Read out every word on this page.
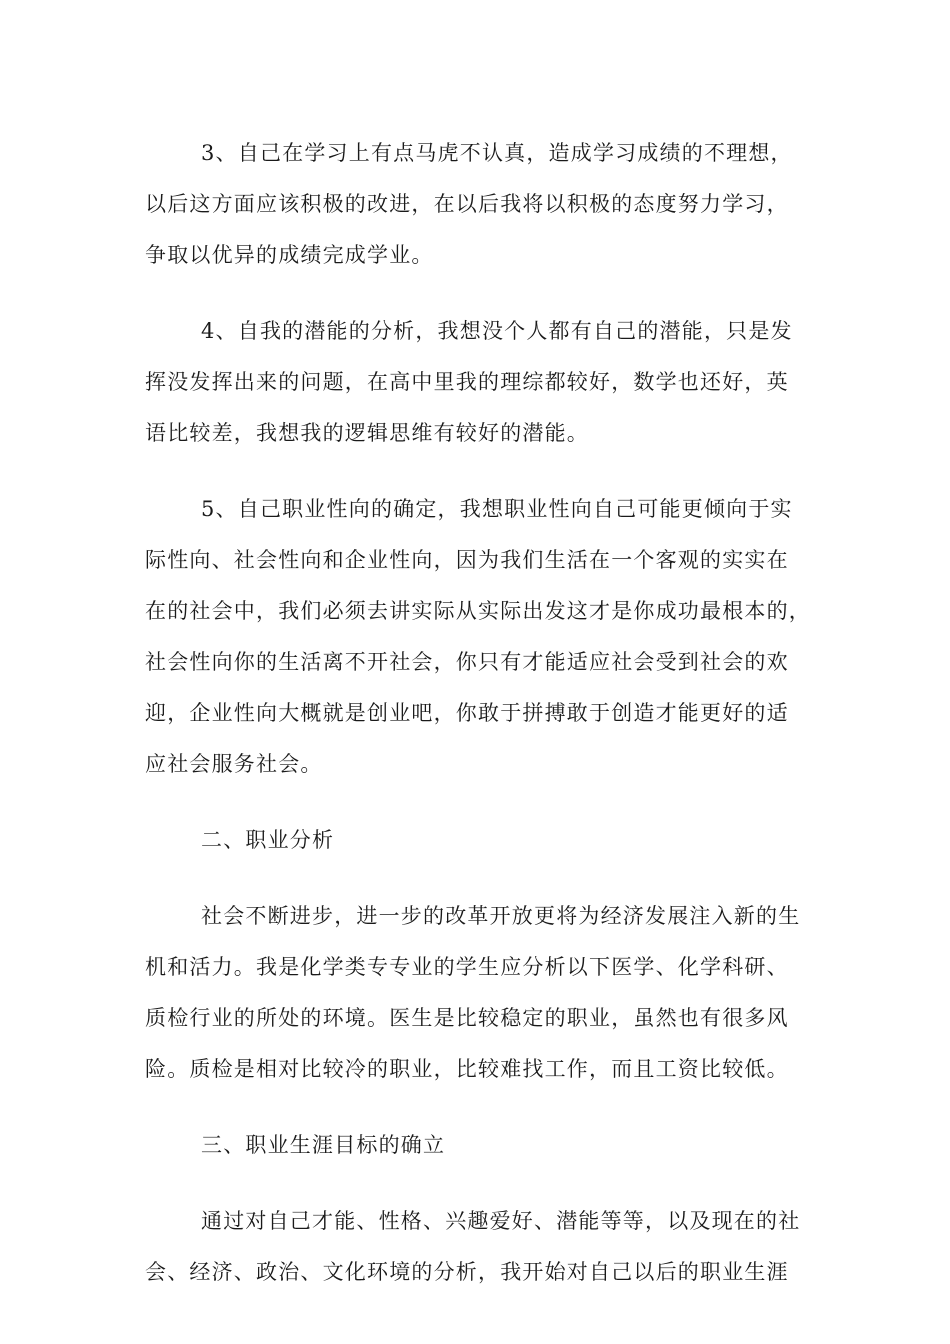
3、自己在学习上有点马虎不认真，造成学习成绩的不理想，
以后这方面应该积极的改进，在以后我将以积极的态度努力学习，
争取以优异的成绩完成学业。
4、自我的潜能的分析，我想没个人都有自己的潜能，只是发
挥没发挥出来的问题，在高中里我的理综都较好，数学也还好，英
语比较差，我想我的逻辑思维有较好的潜能。
5、自己职业性向的确定，我想职业性向自己可能更倾向于实
际性向、社会性向和企业性向，因为我们生活在一个客观的实实在
在的社会中，我们必须去讲实际从实际出发这才是你成功最根本的，
社会性向你的生活离不开社会，你只有才能适应社会受到社会的欢
迎，企业性向大概就是创业吧，你敢于拼搏敢于创造才能更好的适
应社会服务社会。
二、职业分析
社会不断进步，进一步的改革开放更将为经济发展注入新的生
机和活力。我是化学类专专业的学生应分析以下医学、化学科研、
质检行业的所处的环境。医生是比较稳定的职业，虽然也有很多风
险。质检是相对比较冷的职业，比较难找工作，而且工资比较低。
三、职业生涯目标的确立
通过对自己才能、性格、兴趣爱好、潜能等等，以及现在的社
会、经济、政治、文化环境的分析，我开始对自己以后的职业生涯
